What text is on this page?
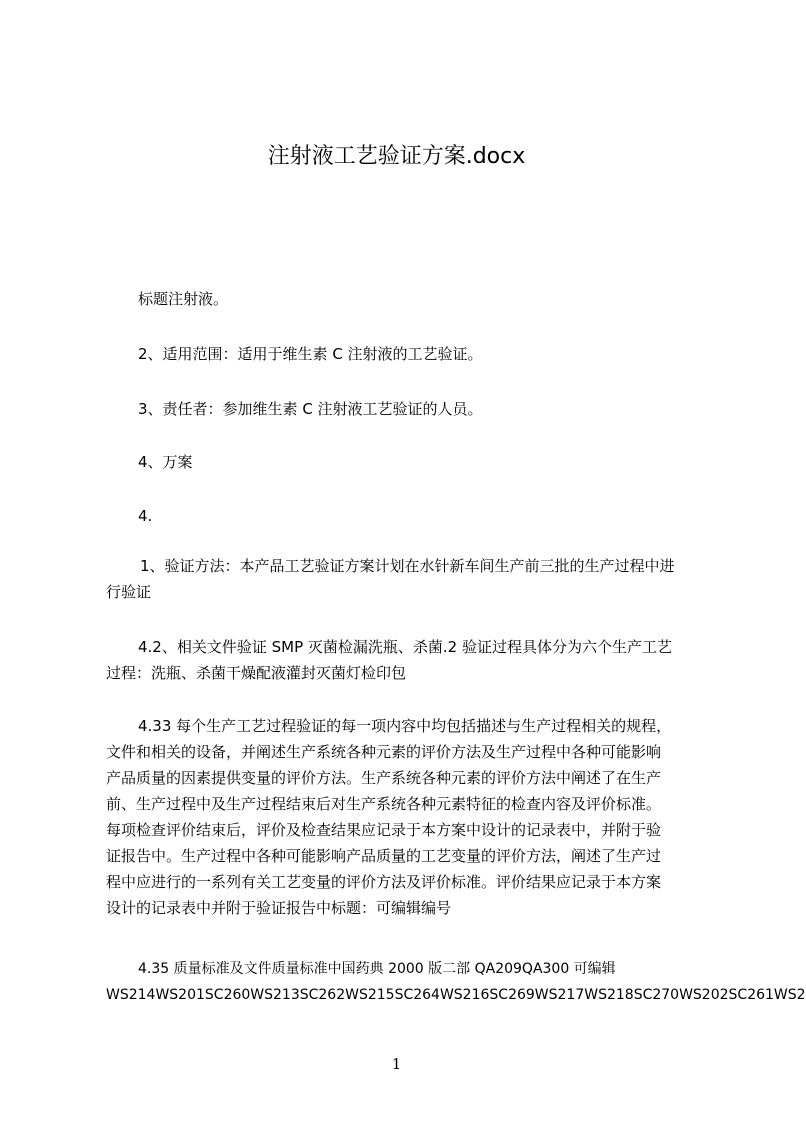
注射液工艺验证方案.docx
标题注射液。
2、适用范围：适用于维生素 C 注射液的工艺验证。
3、责任者：参加维生素 C 注射液工艺验证的人员。
4、万案
4.
1、验证方法：本产品工艺验证方案计划在水针新车间生产前三批的生产过程中进
行验证
4.2、相关文件验证 SMP 灭菌检漏洗瓶、杀菌.2 验证过程具体分为六个生产工艺
过程：洗瓶、杀菌干燥配液灌封灭菌灯检印包
4.33 每个生产工艺过程验证的每一项内容中均包括描述与生产过程相关的规程，
文件和相关的设备，并阐述生产系统各种元素的评价方法及生产过程中各种可能影响
产品质量的因素提供变量的评价方法。生产系统各种元素的评价方法中阐述了在生产
前、生产过程中及生产过程结束后对生产系统各种元素特征的检查内容及评价标准。
每项检查评价结束后，评价及检查结果应记录于本方案中设计的记录表中，并附于验
证报告中。生产过程中各种可能影响产品质量的工艺变量的评价方法，阐述了生产过
程中应进行的一系列有关工艺变量的评价方法及评价标准。评价结果应记录于本方案
设计的记录表中并附于验证报告中标题：可编辑编号
4.35 质量标准及文件质量标准中国药典 2000 版二部 QA209QA300 可编辑
WS214WS201SC260WS213SC262WS215SC264WS216SC269WS217WS218SC270WS202SC261WS2
1
